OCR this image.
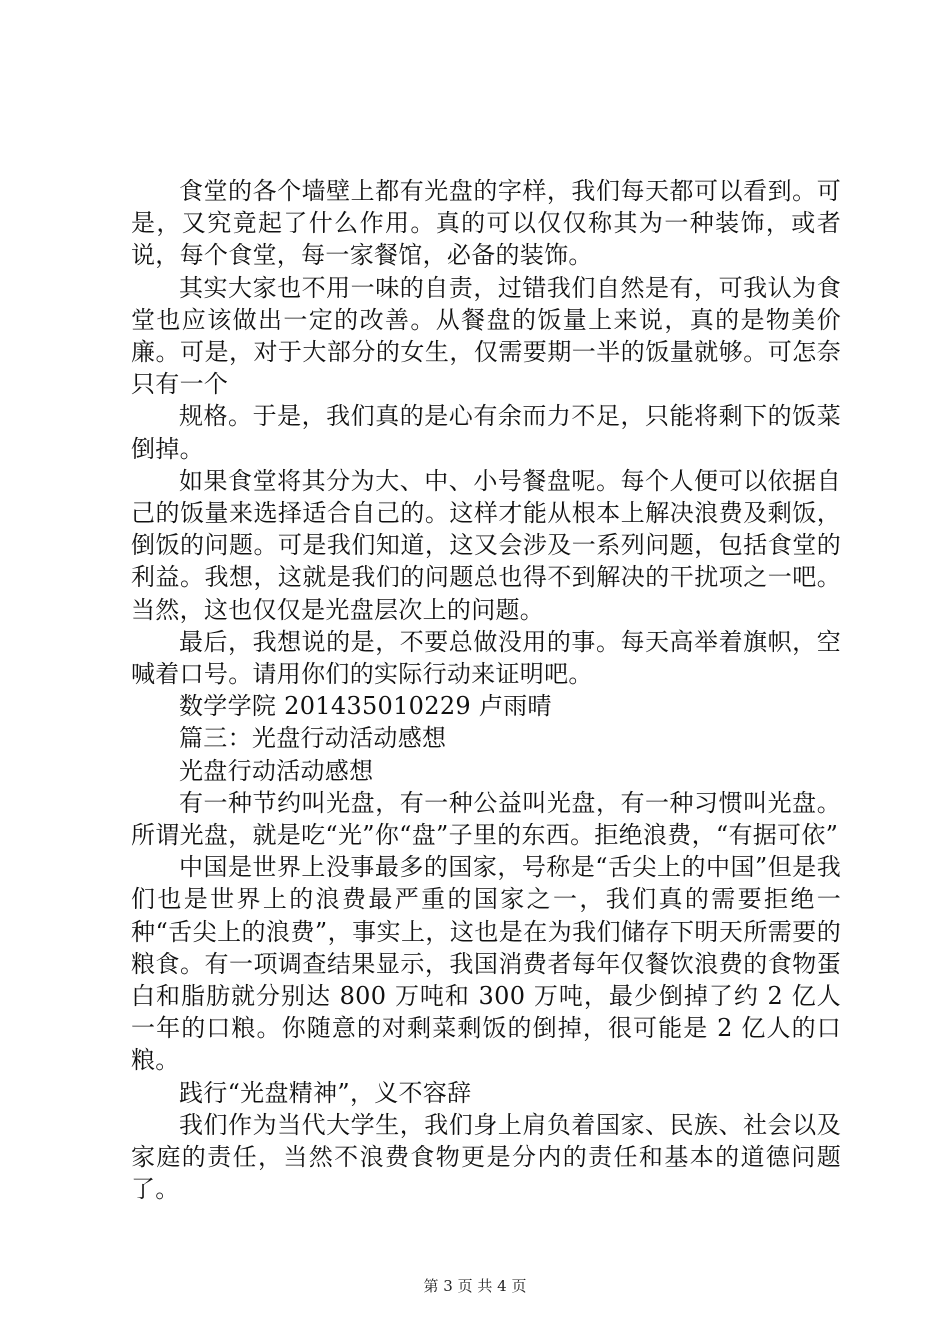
食堂的各个墙壁上都有光盘的字样，我们每天都可以看到。可是，又究竟起了什么作用。真的可以仅仅称其为一种装饰，或者说，每个食堂，每一家餐馆，必备的装饰。

其实大家也不用一味的自责，过错我们自然是有，可我认为食堂也应该做出一定的改善。从餐盘的饭量上来说，真的是物美价廉。可是，对于大部分的女生，仅需要期一半的饭量就够。可怎奈只有一个

规格。于是，我们真的是心有余而力不足，只能将剩下的饭菜倒掉。

如果食堂将其分为大、中、小号餐盘呢。每个人便可以依据自己的饭量来选择适合自己的。这样才能从根本上解决浪费及剩饭，倒饭的问题。可是我们知道，这又会涉及一系列问题，包括食堂的利益。我想，这就是我们的问题总也得不到解决的干扰项之一吧。当然，这也仅仅是光盘层次上的问题。

最后，我想说的是，不要总做没用的事。每天高举着旗帜，空喊着口号。请用你们的实际行动来证明吧。

数学学院 201435010229 卢雨晴

篇三：光盘行动活动感想

光盘行动活动感想

有一种节约叫光盘，有一种公益叫光盘，有一种习惯叫光盘。所谓光盘，就是吃“光”你“盘”子里的东西。拒绝浪费，“有据可依”

中国是世界上没事最多的国家，号称是“舌尖上的中国”但是我们也是世界上的浪费最严重的国家之一，我们真的需要拒绝一种“舌尖上的浪费”，事实上，这也是在为我们储存下明天所需要的粮食。有一项调查结果显示，我国消费者每年仅餐饮浪费的食物蛋白和脂肪就分别达 800 万吨和 300 万吨，最少倒掉了约 2 亿人一年的口粮。你随意的对剩菜剩饭的倒掉，很可能是 2 亿人的口粮。

践行“光盘精神”，义不容辞

我们作为当代大学生，我们身上肩负着国家、民族、社会以及家庭的责任，当然不浪费食物更是分内的责任和基本的道德问题了。

第 3 页 共 4 页
